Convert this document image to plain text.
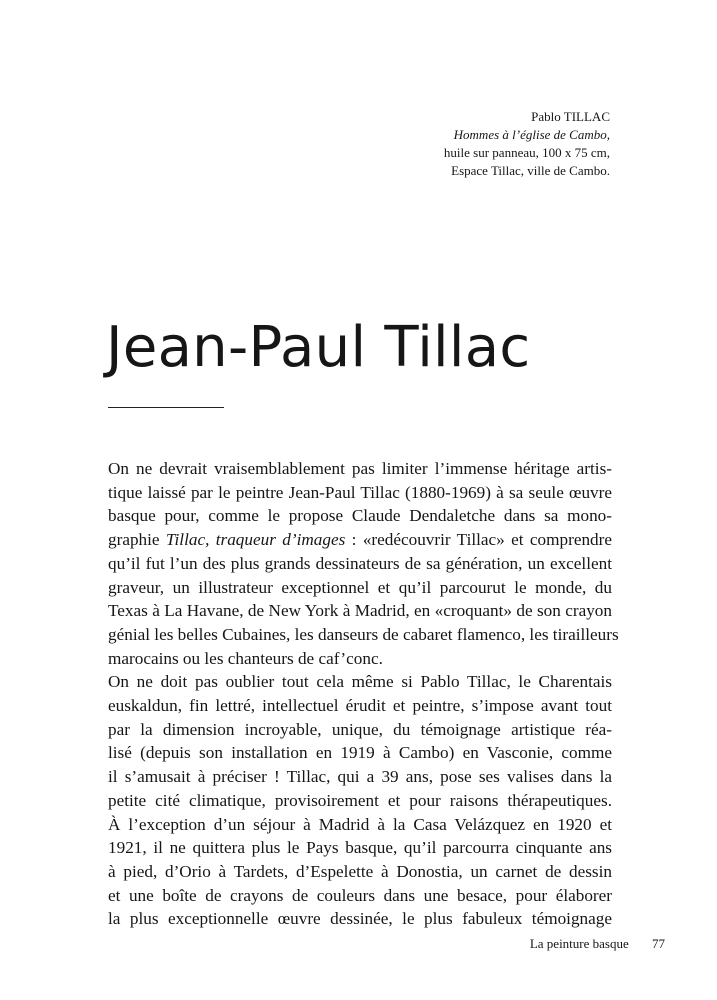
Pablo TILLAC
Hommes à l’église de Cambo,
huile sur panneau, 100 x 75 cm,
Espace Tillac, ville de Cambo.
Jean-Paul Tillac
On ne devrait vraisemblablement pas limiter l’immense héritage artis-
tique laissé par le peintre Jean-Paul Tillac (1880-1969) à sa seule œuvre
basque pour, comme le propose Claude Dendaletche dans sa mono-
graphie Tillac, traqueur d’images : «redécouvrir Tillac» et comprendre
qu’il fut l’un des plus grands dessinateurs de sa génération, un excellent
graveur, un illustrateur exceptionnel et qu’il parcourut le monde, du
Texas à La Havane, de New York à Madrid, en «croquant» de son crayon
génial les belles Cubaines, les danseurs de cabaret flamenco, les tirailleurs
marocains ou les chanteurs de caf’conc.
On ne doit pas oublier tout cela même si Pablo Tillac, le Charentais
euskaldun, fin lettré, intellectuel érudit et peintre, s’impose avant tout
par la dimension incroyable, unique, du témoignage artistique réa-
lisé (depuis son installation en 1919 à Cambo) en Vasconie, comme
il s’amusait à préciser ! Tillac, qui a 39 ans, pose ses valises dans la
petite cité climatique, provisoirement et pour raisons thérapeutiques.
À l’exception d’un séjour à Madrid à la Casa Velázquez en 1920 et
1921, il ne quittera plus le Pays basque, qu’il parcourra cinquante ans
à pied, d’Orio à Tardets, d’Espelette à Donostia, un carnet de dessin
et une boîte de crayons de couleurs dans une besace, pour élaborer
la plus exceptionnelle œuvre dessinée, le plus fabuleux témoignage
La peinture basque 77
